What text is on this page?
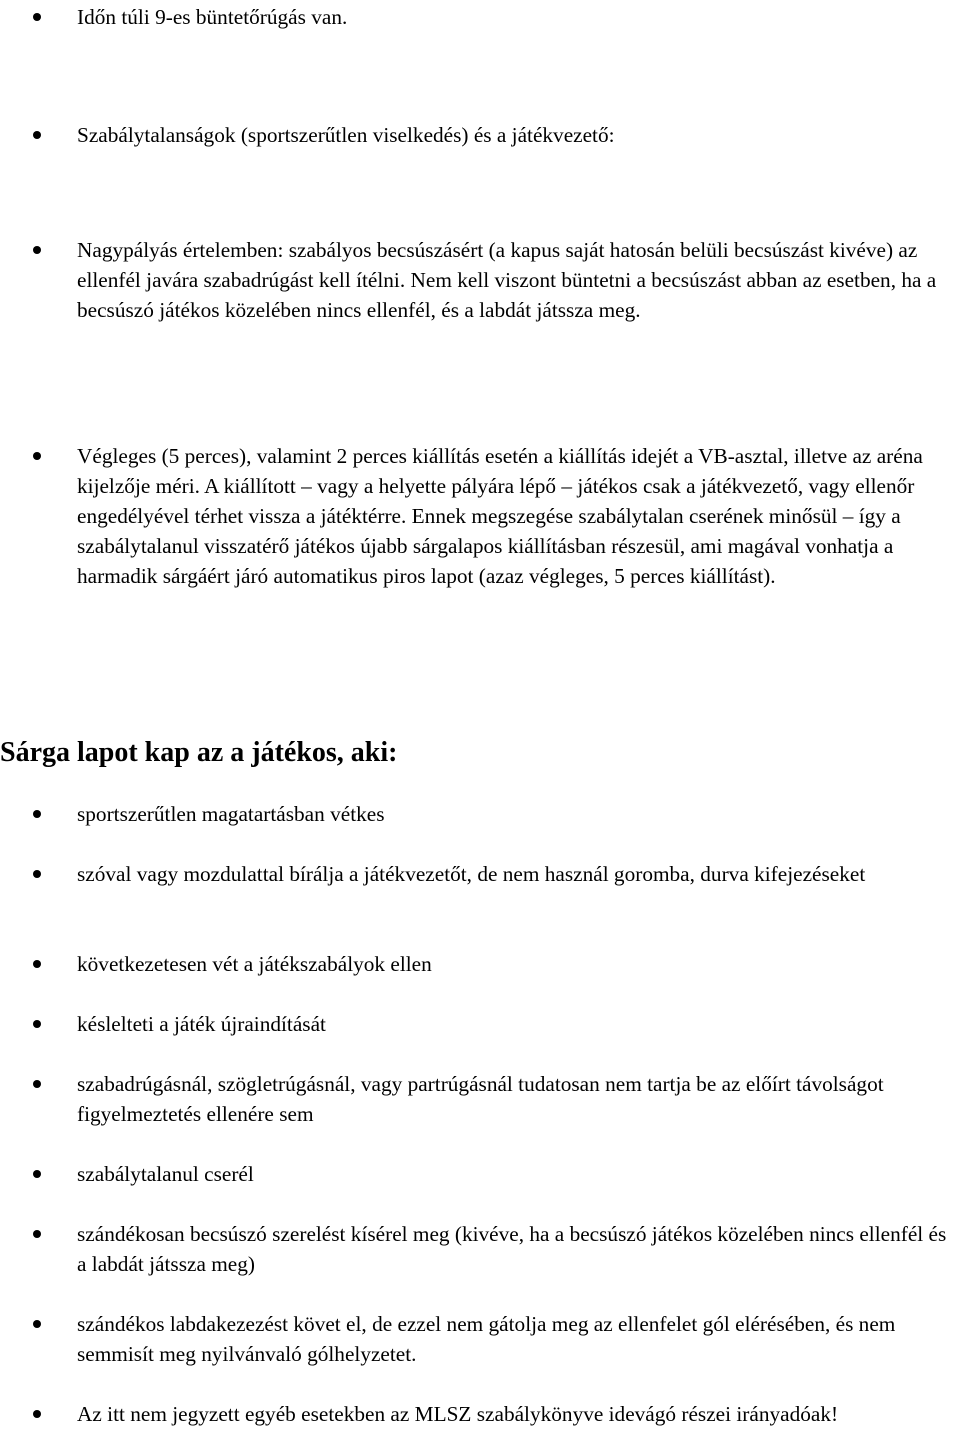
Időn túli 9-es büntetőrúgás van.

Szabálytalanságok (sportszerűtlen viselkedés) és a játékvezető:

Nagypályás értelemben: szabályos becsúszásért (a kapus saját hatosán belüli becsúszást kivéve) az ellenfél javára szabadrúgást kell ítélni. Nem kell viszont büntetni a becsúszást abban az esetben, ha a becsúszó játékos közelében nincs ellenfél, és a labdát játssza meg.

Végleges (5 perces), valamint 2 perces kiállítás esetén a kiállítás idejét a VB-asztal, illetve az aréna kijelzője méri. A kiállított – vagy a helyette pályára lépő – játékos csak a játékvezető, vagy ellenőr engedélyével térhet vissza a játéktérre. Ennek megszegése szabálytalan cserének minősül – így a szabálytalanul visszatérő játékos újabb sárgalapos kiállításban részesül, ami magával vonhatja a harmadik sárgáért járó automatikus piros lapot (azaz végleges, 5 perces kiállítást).

Sárga lapot kap az a játékos, aki:

sportszerűtlen magatartásban vétkes

szóval vagy mozdulattal bírálja a játékvezetőt, de nem használ goromba, durva kifejezéseket

következetesen vét a játékszabályok ellen

késlelteti a játék újraindítását

szabadrúgásnál, szögletrúgásnál, vagy partrúgásnál tudatosan nem tartja be az előírt távolságot figyelmeztetés ellenére sem

szabálytalanul cserél

szándékosan becsúszó szerelést kísérel meg (kivéve, ha a becsúszó játékos közelében nincs ellenfél és a labdát játssza meg)

szándékos labdakezezést követ el, de ezzel nem gátolja meg az ellenfelet gól elérésében, és nem semmisít meg nyilvánvaló gólhelyzetet.

Az itt nem jegyzett egyéb esetekben az MLSZ szabálykönyve idevágó részei irányadóak!
